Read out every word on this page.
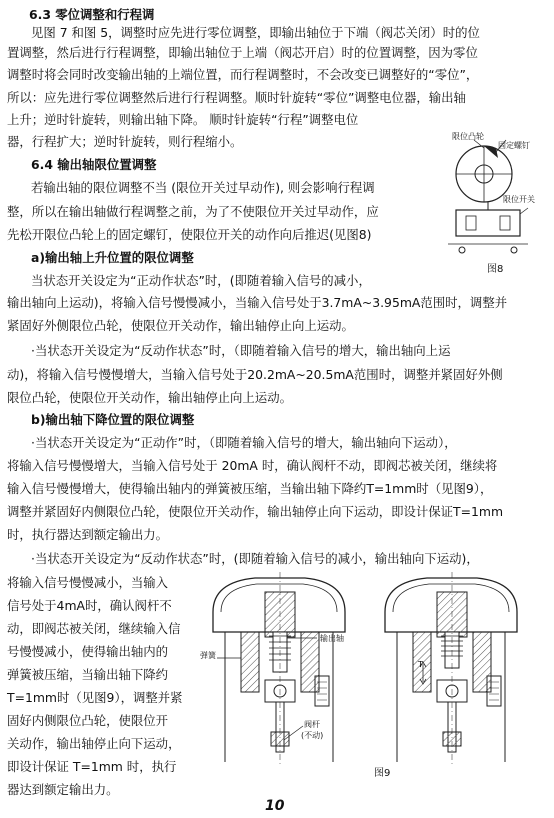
6.3 零位调整和行程调
见图 7 和图 5，调整时应先进行零位调整，即输出轴位于下端（阀芯关闭）时的位
置调整，然后进行行程调整，即输出轴位于上端（阀芯开启）时的位置调整，因为零位
调整时将会同时改变输出轴的上端位置，而行程调整时，不会改变已调整好的“零位”，
所以：应先进行零位调整然后进行行程调整。顺时针旋转“零位”调整电位器，输出轴
上升；逆时针旋转，则输出轴下降。 顺时针旋转“行程”调整电位
器，行程扩大；逆时针旋转，则行程缩小。
6.4 输出轴限位置调整
若输出轴的限位调整不当 (限位开关过早动作), 则会影响行程调
整，所以在输出轴做行程调整之前，为了不使限位开关过早动作，应
先松开限位凸轮上的固定螺钉，使限位开关的动作向后推迟(见图8)
a)输出轴上升位置的限位调整
当状态开关设定为“正动作状态”时，(即随着输入信号的减小，
输出轴向上运动)，将输入信号慢慢减小，当输入信号处于3.7mA~3.95mA范围时，调整并
紧固好外侧限位凸轮，使限位开关动作，输出轴停止向上运动。
·当状态开关设定为“反动作状态”时，（即随着输入信号的增大，输出轴向上运
动)，将输入信号慢慢增大，当输入信号处于20.2mA~20.5mA范围时，调整并紧固好外侧
限位凸轮，使限位开关动作，输出轴停止向上运动。
b)输出轴下降位置的限位调整
·当状态开关设定为“正动作”时，（即随着输入信号的增大，输出轴向下运动），
将输入信号慢慢增大，当输入信号处于 20mA 时，确认阀杆不动，即阀芯被关闭，继续将
输入信号慢慢增大，使得输出轴内的弹簧被压缩，当输出轴下降约T=1mm时（见图9），
调整并紧固好内侧限位凸轮，使限位开关动作，输出轴停止向下运动，即设计保证T=1mm
时，执行器达到额定输出力。
·当状态开关设定为“反动作状态”时，(即随着输入信号的减小，输出轴向下运动)，
将输入信号慢慢减小，当输入
信号处于4mA时，确认阀杆不
动，即阀芯被关闭，继续输入信
号慢慢减小，使得输出轴内的
弹簧被压缩，当输出轴下降约
T=1mm时（见图9），调整并紧
固好内侧限位凸轮，使限位开
关动作，输出轴停止向下运动，
即设计保证 T=1mm 时，执行
器达到额定输出力。
限位凸轮
固定螺钉
限位开关
图8
弹簧
输出轴
阀杆
(不动)
T
图9
10
